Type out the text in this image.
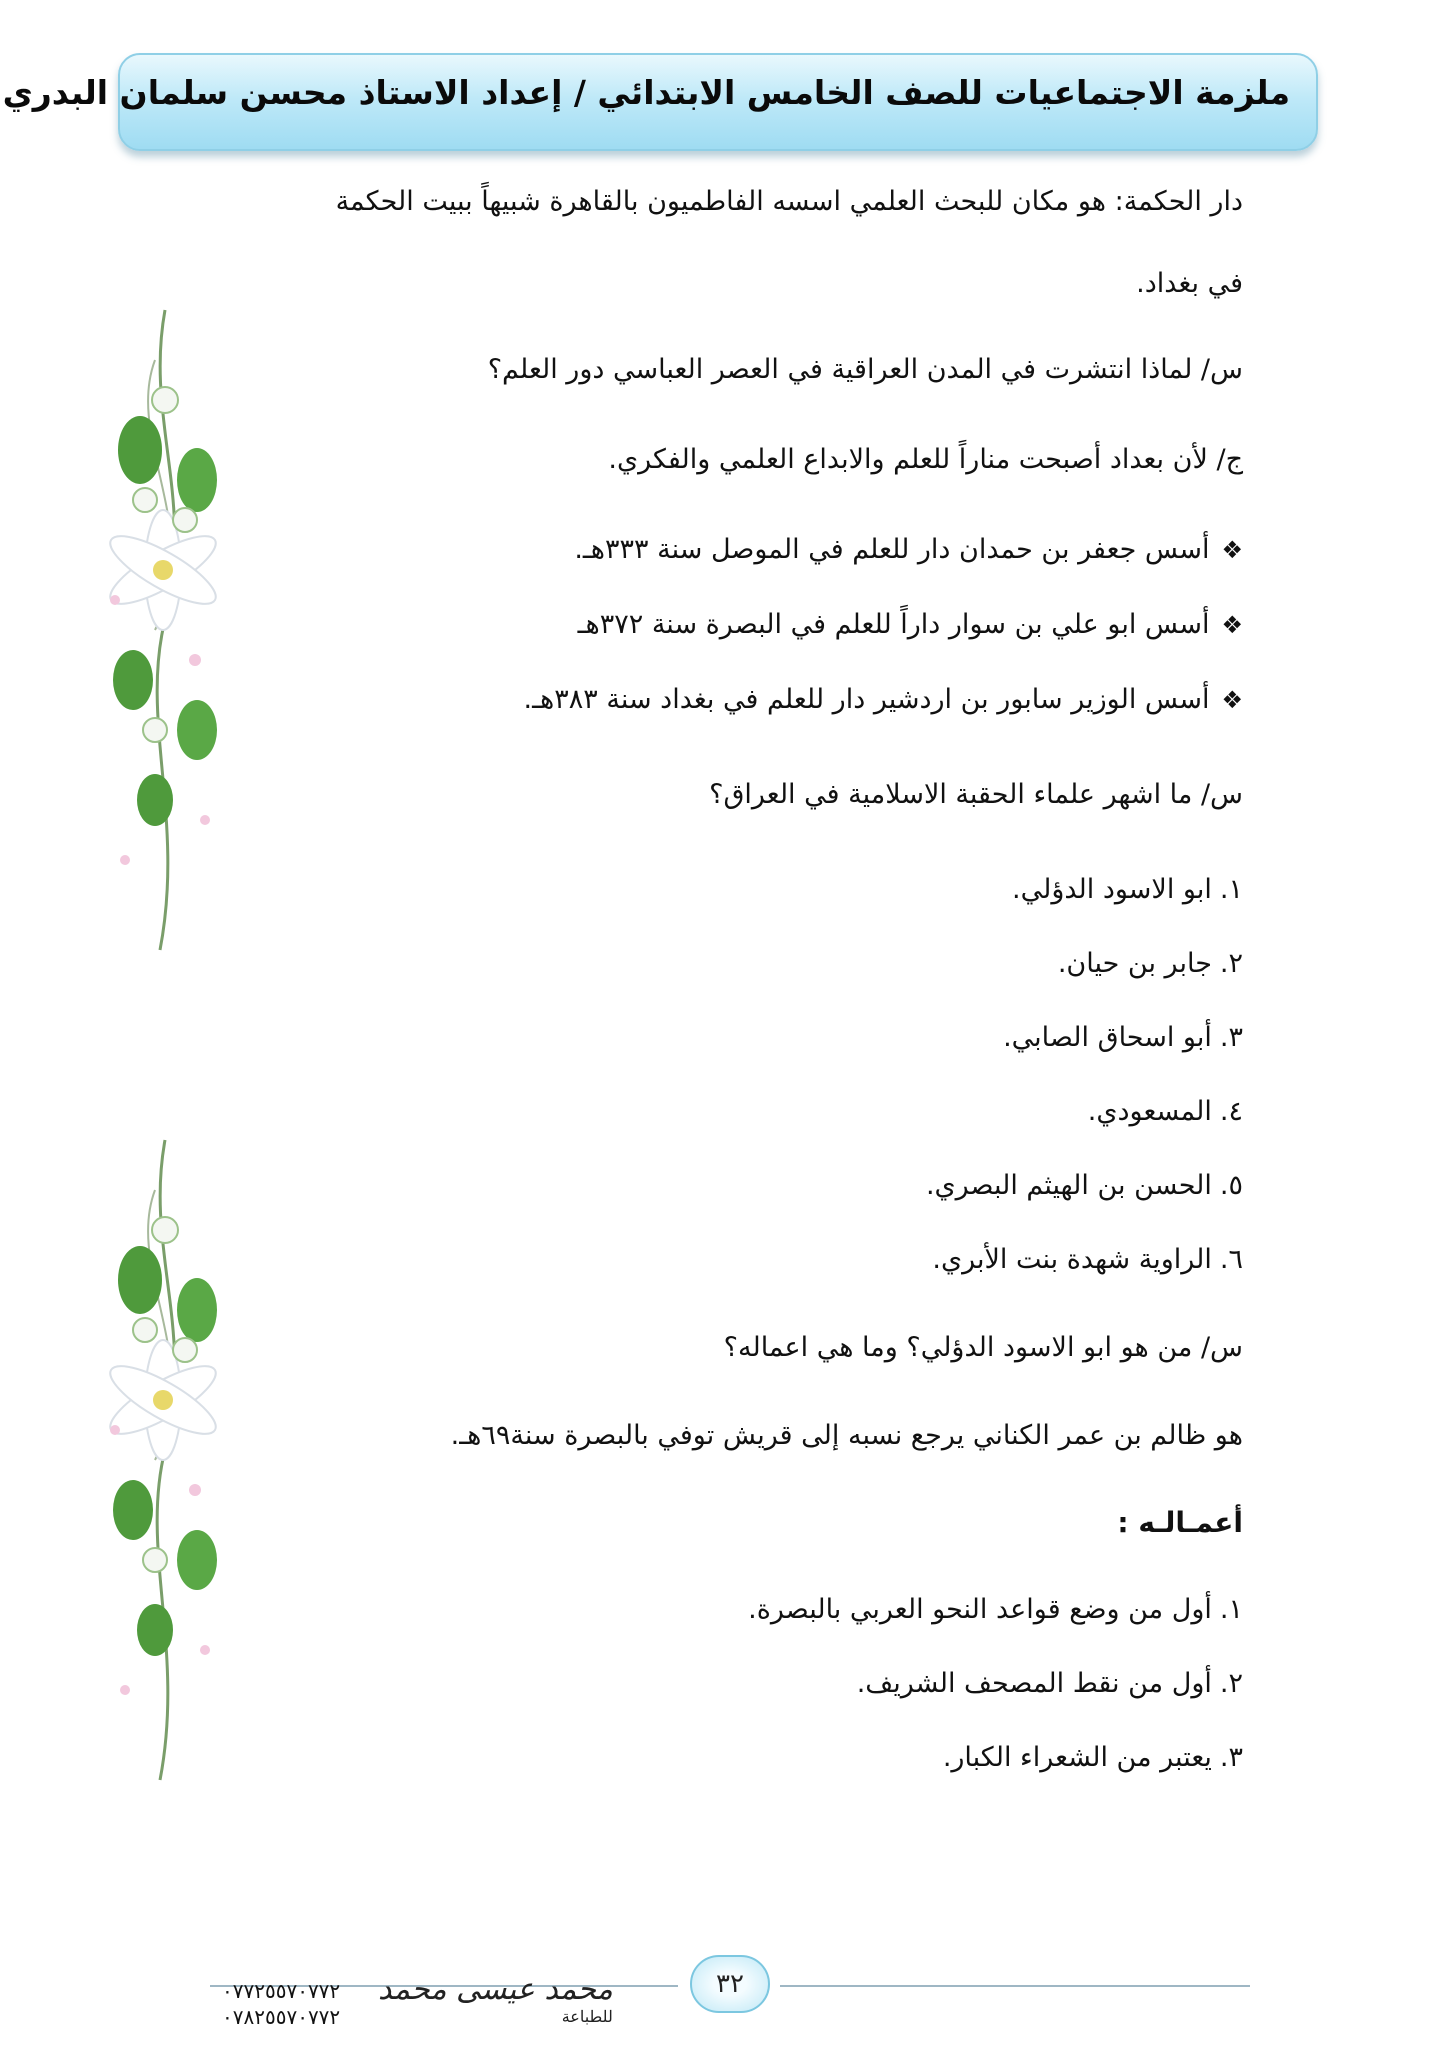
ملزمة الاجتماعيات للصف الخامس الابتدائي / إعداد الاستاذ محسن سلمان البدري

دار الحكمة: هو مكان للبحث العلمي اسسه الفاطميون بالقاهرة شبيهاً ببيت الحكمة

في بغداد.

س/ لماذا انتشرت في المدن العراقية في العصر العباسي دور العلم؟

ج/ لأن بعداد أصبحت مناراً للعلم والابداع العلمي والفكري.

❖ أسس جعفر بن حمدان دار للعلم في الموصل سنة ٣٣٣هـ.

❖ أسس ابو علي بن سوار داراً للعلم في البصرة سنة ٣٧٢هـ

❖ أسس الوزير سابور بن اردشير دار للعلم في بغداد سنة ٣٨٣هـ.

س/ ما اشهر علماء الحقبة الاسلامية في العراق؟

١.ابو الاسود الدؤلي.

٢.جابر بن حيان.

٣.أبو اسحاق الصابي.

٤.المسعودي.

٥.الحسن بن الهيثم البصري.

٦.الراوية شهدة بنت الأبري.

س/ من هو ابو الاسود الدؤلي؟ وما هي اعماله؟

هو ظالم بن عمر الكناني يرجع نسبه إلى قريش توفي بالبصرة سنة٦٩هـ.

أعمـالـه :

١.أول من وضع قواعد النحو العربي بالبصرة.

٢.أول من نقط المصحف الشريف.

٣.يعتبر من الشعراء الكبار.

٣٢
٠٧٧٢٥٥٧٠٧٧٢
٠٧٨٢٥٥٧٠٧٧٢
محمد عيسى محمد
للطباعة
